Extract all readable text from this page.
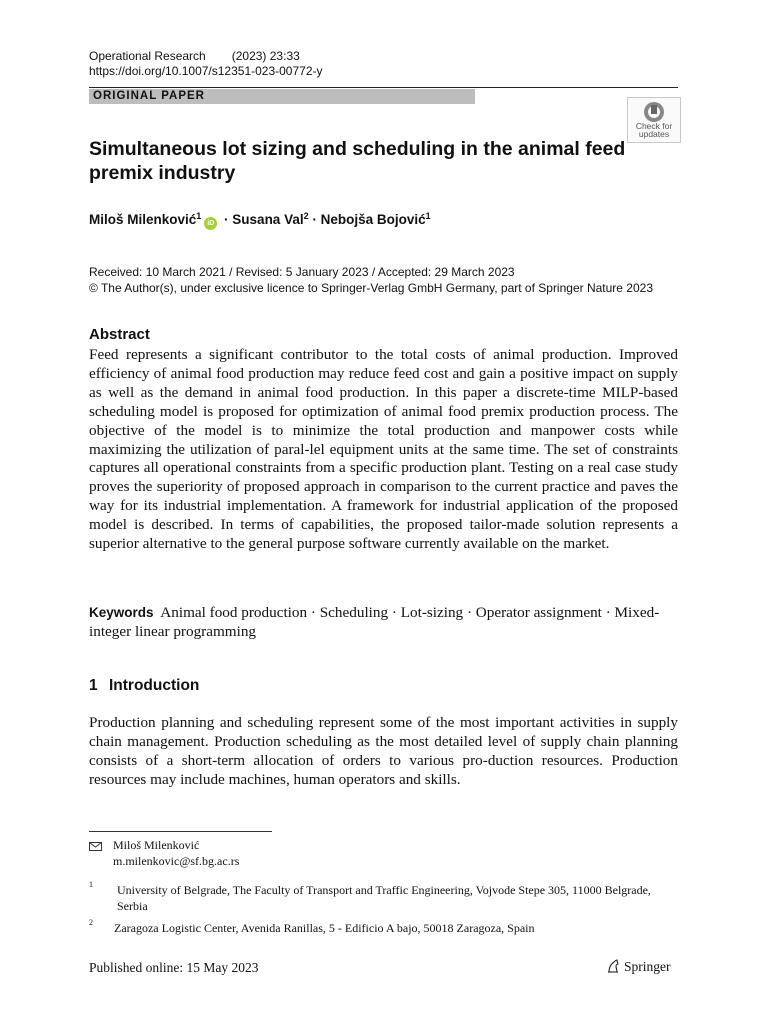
Operational Research (2023) 23:33
https://doi.org/10.1007/s12351-023-00772-y
ORIGINAL PAPER
Check for
updates
Simultaneous lot sizing and scheduling in the animal feed premix industry
Miloš Milenković$^1$iD · Susana Val$^2$ · Nebojša Bojović$^1$
Received: 10 March 2021 / Revised: 5 January 2023 / Accepted: 29 March 2023
© The Author(s), under exclusive licence to Springer-Verlag GmbH Germany, part of Springer Nature 2023
Abstract
Feed represents a significant contributor to the total costs of animal production. Improved efficiency of animal food production may reduce feed cost and gain a positive impact on supply as well as the demand in animal food production. In this paper a discrete-time MILP-based scheduling model is proposed for optimization of animal food premix production process. The objective of the model is to minimize the total production and manpower costs while maximizing the utilization of paral-lel equipment units at the same time. The set of constraints captures all operational constraints from a specific production plant. Testing on a real case study proves the superiority of proposed approach in comparison to the current practice and paves the way for its industrial implementation. A framework for industrial application of the proposed model is described. In terms of capabilities, the proposed tailor-made solution represents a superior alternative to the general purpose software currently available on the market.
Keywords Animal food production · Scheduling · Lot-sizing · Operator assignment · Mixed-integer linear programming
1 Introduction
Production planning and scheduling represent some of the most important activities in supply chain management. Production scheduling as the most detailed level of supply chain planning consists of a short-term allocation of orders to various pro-duction resources. Production resources may include machines, human operators and skills.
Miloš Milenković
m.milenkovic@sf.bg.ac.rs
1 University of Belgrade, The Faculty of Transport and Traffic Engineering, Vojvode Stepe 305, 11000 Belgrade, Serbia
2 Zaragoza Logistic Center, Avenida Ranillas, 5 - Edificio A bajo, 50018 Zaragoza, Spain
Published online: 15 May 2023	Springer
